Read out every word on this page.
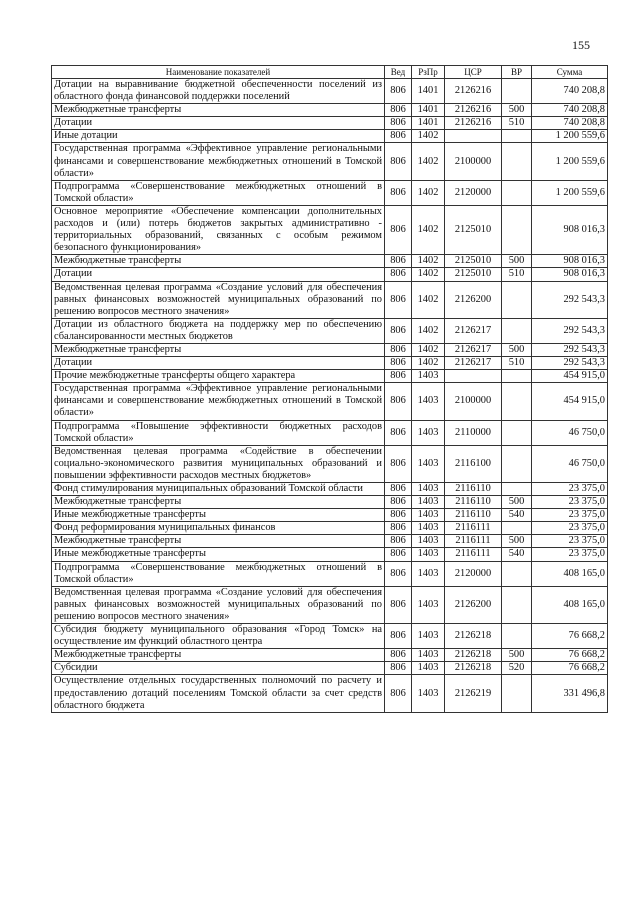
155
Наименование показателей	Вед	РзПр	ЦСР	ВР	Сумма
Дотации на выравнивание бюджетной обеспеченности поселений из областного фонда финансовой поддержки поселений	806	1401	2126216		740 208,8
Межбюджетные трансферты	806	1401	2126216	500	740 208,8
Дотации	806	1401	2126216	510	740 208,8
Иные дотации	806	1402			1 200 559,6
Государственная программа «Эффективное управление региональными финансами и совершенствование межбюджетных отношений в Томской области»	806	1402	2100000		1 200 559,6
Подпрограмма «Совершенствование межбюджетных отношений в Томской области»	806	1402	2120000		1 200 559,6
Основное мероприятие «Обеспечение компенсации дополнительных расходов и (или) потерь бюджетов закрытых административно - территориальных образований, связанных с особым режимом безопасного функционирования»	806	1402	2125010		908 016,3
Межбюджетные трансферты	806	1402	2125010	500	908 016,3
Дотации	806	1402	2125010	510	908 016,3
Ведомственная целевая программа «Создание условий для обеспечения равных финансовых возможностей муниципальных образований по решению вопросов местного значения»	806	1402	2126200		292 543,3
Дотации из областного бюджета на поддержку мер по обеспечению сбалансированности местных бюджетов	806	1402	2126217		292 543,3
Межбюджетные трансферты	806	1402	2126217	500	292 543,3
Дотации	806	1402	2126217	510	292 543,3
Прочие межбюджетные трансферты общего характера	806	1403			454 915,0
Государственная программа «Эффективное управление региональными финансами и совершенствование межбюджетных отношений в Томской области»	806	1403	2100000		454 915,0
Подпрограмма «Повышение эффективности бюджетных расходов Томской области»	806	1403	2110000		46 750,0
Ведомственная целевая программа «Содействие в обеспечении социально-экономического развития муниципальных образований и повышении эффективности расходов местных бюджетов»	806	1403	2116100		46 750,0
Фонд стимулирования муниципальных образований Томской области	806	1403	2116110		23 375,0
Межбюджетные трансферты	806	1403	2116110	500	23 375,0
Иные межбюджетные трансферты	806	1403	2116110	540	23 375,0
Фонд реформирования муниципальных финансов	806	1403	2116111		23 375,0
Межбюджетные трансферты	806	1403	2116111	500	23 375,0
Иные межбюджетные трансферты	806	1403	2116111	540	23 375,0
Подпрограмма «Совершенствование межбюджетных отношений в Томской области»	806	1403	2120000		408 165,0
Ведомственная целевая программа «Создание условий для обеспечения равных финансовых возможностей муниципальных образований по решению вопросов местного значения»	806	1403	2126200		408 165,0
Субсидия бюджету муниципального образования «Город Томск» на осуществление им функций областного центра	806	1403	2126218		76 668,2
Межбюджетные трансферты	806	1403	2126218	500	76 668,2
Субсидии	806	1403	2126218	520	76 668,2
Осуществление отдельных государственных полномочий по расчету и предоставлению дотаций поселениям Томской области за счет средств областного бюджета	806	1403	2126219		331 496,8
